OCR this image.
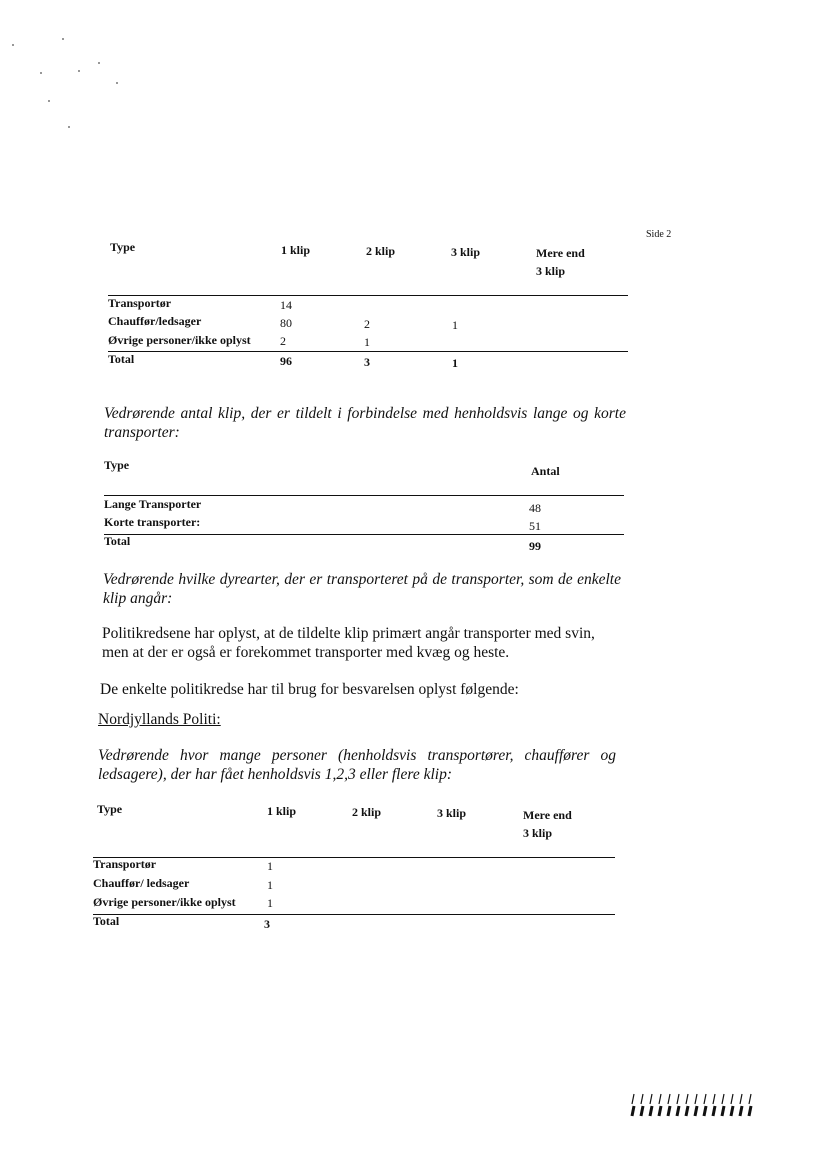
Side 2
Type	1 klip	2 klip	3 klip	Mere end
3 klip
Transportør	14
Chauffør/ledsager	80	2	1
Øvrige personer/ikke oplyst 2	1
Total	96	3	1
Vedrørende antal klip, der er tildelt i forbindelse med henholdsvis lange og korte transporter:
Type	Antal
Lange Transporter	48
Korte transporter:	51
Total	99
Vedrørende hvilke dyrearter, der er transporteret på de transporter, som de enkelte klip angår:
Politikredsene har oplyst, at de tildelte klip primært angår transporter med svin, men at der er også er forekommet transporter med kvæg og heste.
De enkelte politikredse har til brug for besvarelsen oplyst følgende:
Nordjyllands Politi:
Vedrørende hvor mange personer (henholdsvis transportører, chauffører og ledsagere), der har fået henholdsvis 1,2,3 eller flere klip:
Type	1 klip	2 klip	3 klip	Mere end
3 klip
Transportør	1
Chauffør/ ledsager	1
Øvrige personer/ikke oplyst	1
Total	3
